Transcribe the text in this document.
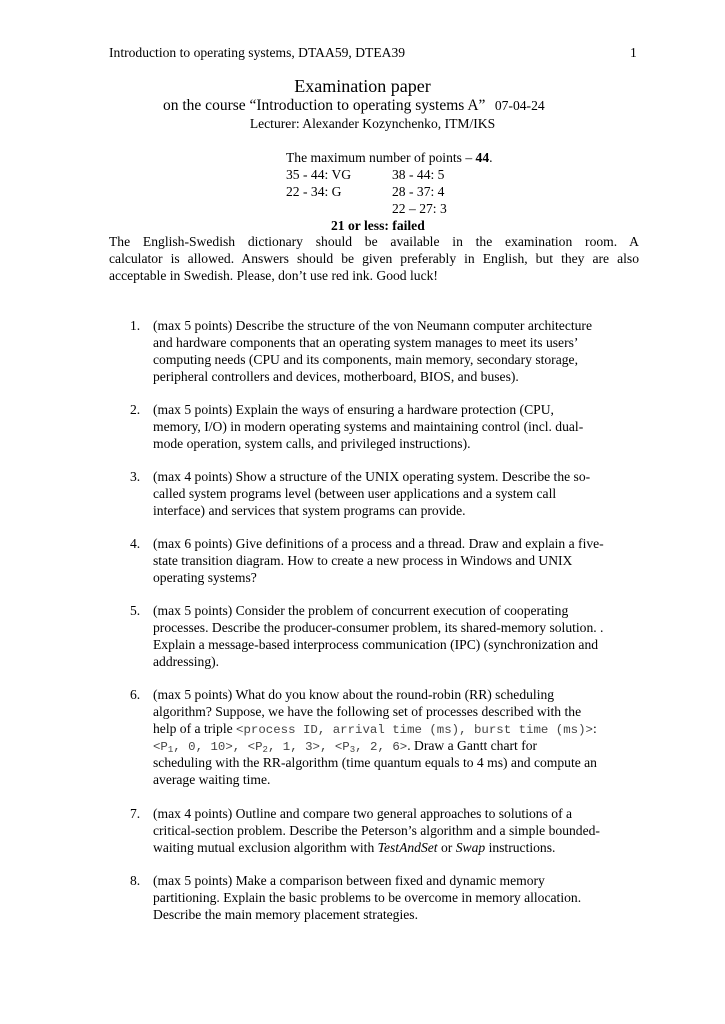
Introduction to operating systems, DTAA59, DTEA39	1
Examination paper
on the course “Introduction to operating systems A” 07-04-24
Lecturer: Alexander Kozynchenko, ITM/IKS
The maximum number of points – 44.
35 - 44: VG
22 - 34: G
38 - 44: 5
28 - 37: 4
22 – 27: 3
21 or less: failed
The English-Swedish dictionary should be available in the examination room. A
calculator is allowed. Answers should be given preferably in English, but they are also
acceptable in Swedish. Please, don’t use red ink. Good luck!
1. (max 5 points) Describe the structure of the von Neumann computer architecture
and hardware components that an operating system manages to meet its users’
computing needs (CPU and its components, main memory, secondary storage,
peripheral controllers and devices, motherboard, BIOS, and buses).
2. (max 5 points) Explain the ways of ensuring a hardware protection (CPU,
memory, I/O) in modern operating systems and maintaining control (incl. dual-
mode operation, system calls, and privileged instructions).
3. (max 4 points) Show a structure of the UNIX operating system. Describe the so-
called system programs level (between user applications and a system call
interface) and services that system programs can provide.
4. (max 6 points) Give definitions of a process and a thread. Draw and explain a five-
state transition diagram. How to create a new process in Windows and UNIX
operating systems?
5. (max 5 points) Consider the problem of concurrent execution of cooperating
processes. Describe the producer-consumer problem, its shared-memory solution. .
Explain a message-based interprocess communication (IPC) (synchronization and
addressing).
6. (max 5 points) What do you know about the round-robin (RR) scheduling
algorithm? Suppose, we have the following set of processes described with the
help of a triple <process ID, arrival time (ms), burst time (ms)>:
$<P_1$, 0, 10>, $<P_2$, 1, 3>, $<P_3$, 2, 6>. Draw a Gantt chart for
scheduling with the RR-algorithm (time quantum equals to 4 ms) and compute an
average waiting time.
7. (max 4 points) Outline and compare two general approaches to solutions of a
critical-section problem. Describe the Peterson’s algorithm and a simple bounded-
waiting mutual exclusion algorithm with TestAndSet or Swap instructions.
8. (max 5 points) Make a comparison between fixed and dynamic memory
partitioning. Explain the basic problems to be overcome in memory allocation.
Describe the main memory placement strategies.
